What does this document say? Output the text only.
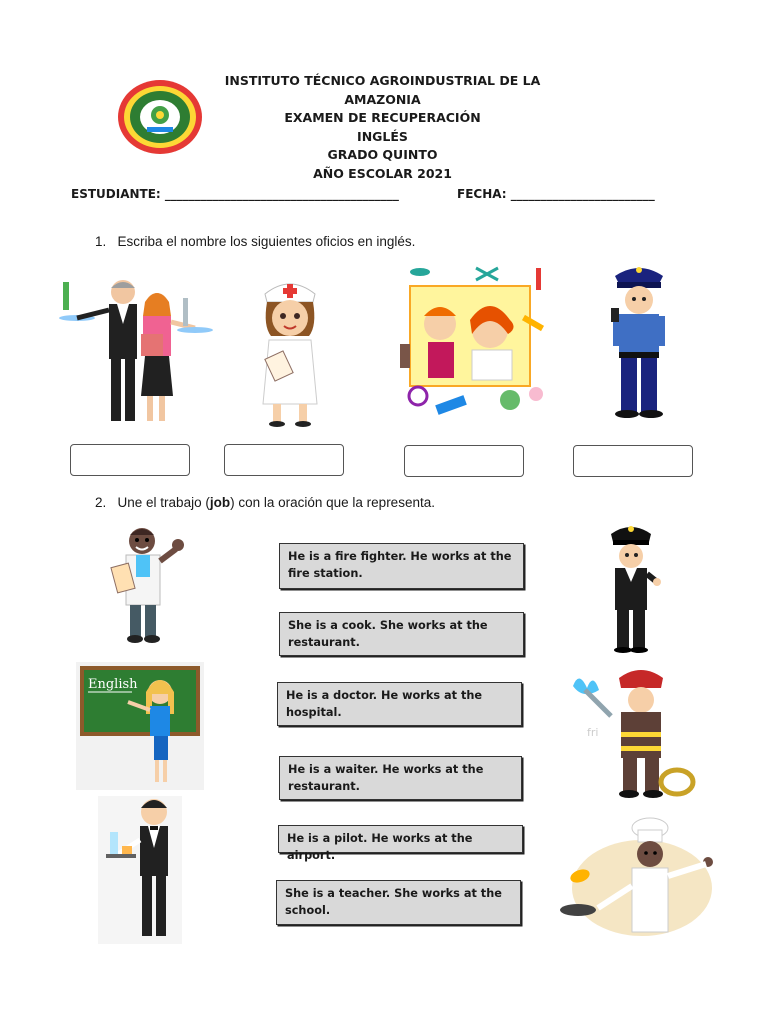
INSTITUTO TÉCNICO AGROINDUSTRIAL DE LA AMAZONIA
EXAMEN DE RECUPERACIÓN
INGLÉS
GRADO QUINTO
AÑO ESCOLAR 2021
ESTUDIANTE: _______________________________________	FECHA: ________________________
1. Escriba el nombre los siguientes oficios en inglés.
2. Une el trabajo (job) con la oración que la representa.
English
He is a fire fighter. He works at the fire station.
She is a cook. She works at the restaurant.
He is a doctor. He works at the hospital.
He is a waiter. He works at the restaurant.
He is a pilot. He works at the airport.
She is a teacher. She works at the school.
fri
